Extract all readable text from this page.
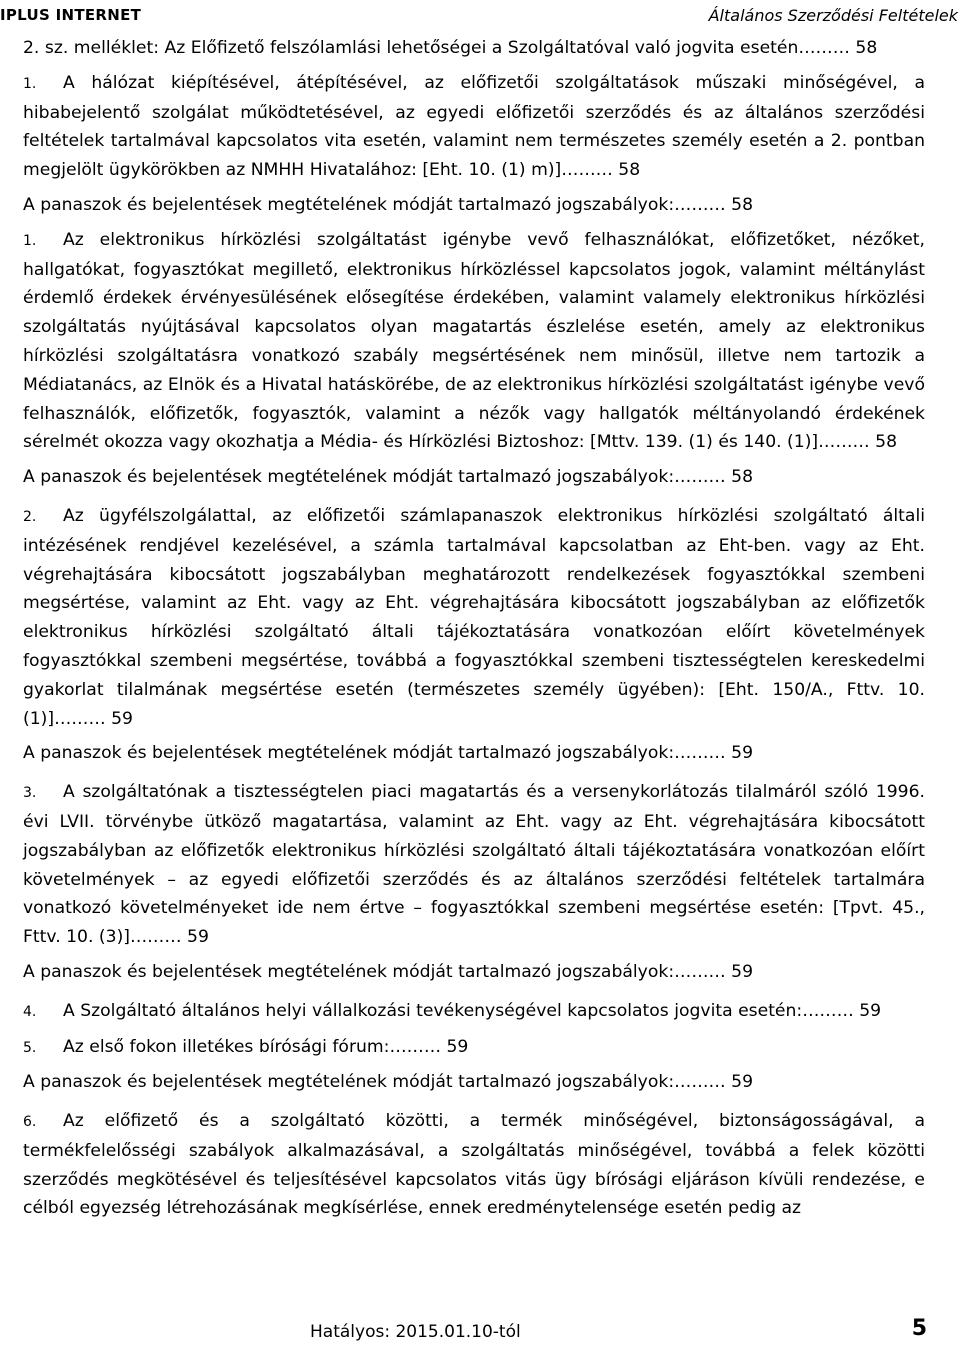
IPLUS INTERNET	Általános Szerződési Feltételek

2. sz. melléklet: Az Előfizető felszólamlási lehetőségei a Szolgáltatóval való jogvita esetén……… 58

1. A hálózat kiépítésével, átépítésével, az előfizetői szolgáltatások műszaki minőségével, a hibabejelentő szolgálat működtetésével, az egyedi előfizetői szerződés és az általános szerződési feltételek tartalmával kapcsolatos vita esetén, valamint nem természetes személy esetén a 2. pontban megjelölt ügykörökben az NMHH Hivatalához: [Eht. 10. (1) m)]……… 58

A panaszok és bejelentések megtételének módját tartalmazó jogszabályok:……… 58

1. Az elektronikus hírközlési szolgáltatást igénybe vevő felhasználókat, előfizetőket, nézőket, hallgatókat, fogyasztókat megillető, elektronikus hírközléssel kapcsolatos jogok, valamint méltánylást érdemlő érdekek érvényesülésének elősegítése érdekében, valamint valamely elektronikus hírközlési szolgáltatás nyújtásával kapcsolatos olyan magatartás észlelése esetén, amely az elektronikus hírközlési szolgáltatásra vonatkozó szabály megsértésének nem minősül, illetve nem tartozik a Médiatanács, az Elnök és a Hivatal hatáskörébe, de az elektronikus hírközlési szolgáltatást igénybe vevő felhasználók, előfizetők, fogyasztók, valamint a nézők vagy hallgatók méltányolandó érdekének sérelmét okozza vagy okozhatja a Média- és Hírközlési Biztoshoz: [Mttv. 139. (1) és 140. (1)]……… 58

A panaszok és bejelentések megtételének módját tartalmazó jogszabályok:……… 58

2. Az ügyfélszolgálattal, az előfizetői számlapanaszok elektronikus hírközlési szolgáltató általi intézésének rendjével kezelésével, a számla tartalmával kapcsolatban az Eht-ben. vagy az Eht. végrehajtására kibocsátott jogszabályban meghatározott rendelkezések fogyasztókkal szembeni megsértése, valamint az Eht. vagy az Eht. végrehajtására kibocsátott jogszabályban az előfizetők elektronikus hírközlési szolgáltató általi tájékoztatására vonatkozóan előírt követelmények fogyasztókkal szembeni megsértése, továbbá a fogyasztókkal szembeni tisztességtelen kereskedelmi gyakorlat tilalmának megsértése esetén (természetes személy ügyében): [Eht. 150/A., Fttv. 10. (1)]……… 59

A panaszok és bejelentések megtételének módját tartalmazó jogszabályok:……… 59

3. A szolgáltatónak a tisztességtelen piaci magatartás és a versenykorlátozás tilalmáról szóló 1996. évi LVII. törvénybe ütköző magatartása, valamint az Eht. vagy az Eht. végrehajtására kibocsátott jogszabályban az előfizetők elektronikus hírközlési szolgáltató általi tájékoztatására vonatkozóan előírt követelmények – az egyedi előfizetői szerződés és az általános szerződési feltételek tartalmára vonatkozó követelményeket ide nem értve – fogyasztókkal szembeni megsértése esetén: [Tpvt. 45., Fttv. 10. (3)]……… 59

A panaszok és bejelentések megtételének módját tartalmazó jogszabályok:……… 59

4. A Szolgáltató általános helyi vállalkozási tevékenységével kapcsolatos jogvita esetén:……… 59

5. Az első fokon illetékes bírósági fórum:……… 59

A panaszok és bejelentések megtételének módját tartalmazó jogszabályok:……… 59

6. Az előfizető és a szolgáltató közötti, a termék minőségével, biztonságosságával, a termékfelelősségi szabályok alkalmazásával, a szolgáltatás minőségével, továbbá a felek közötti szerződés megkötésével és teljesítésével kapcsolatos vitás ügy bírósági eljáráson kívüli rendezése, e célból egyezség létrehozásának megkísérlése, ennek eredménytelensége esetén pedig az

Hatályos: 2015.01.10-tól	5
